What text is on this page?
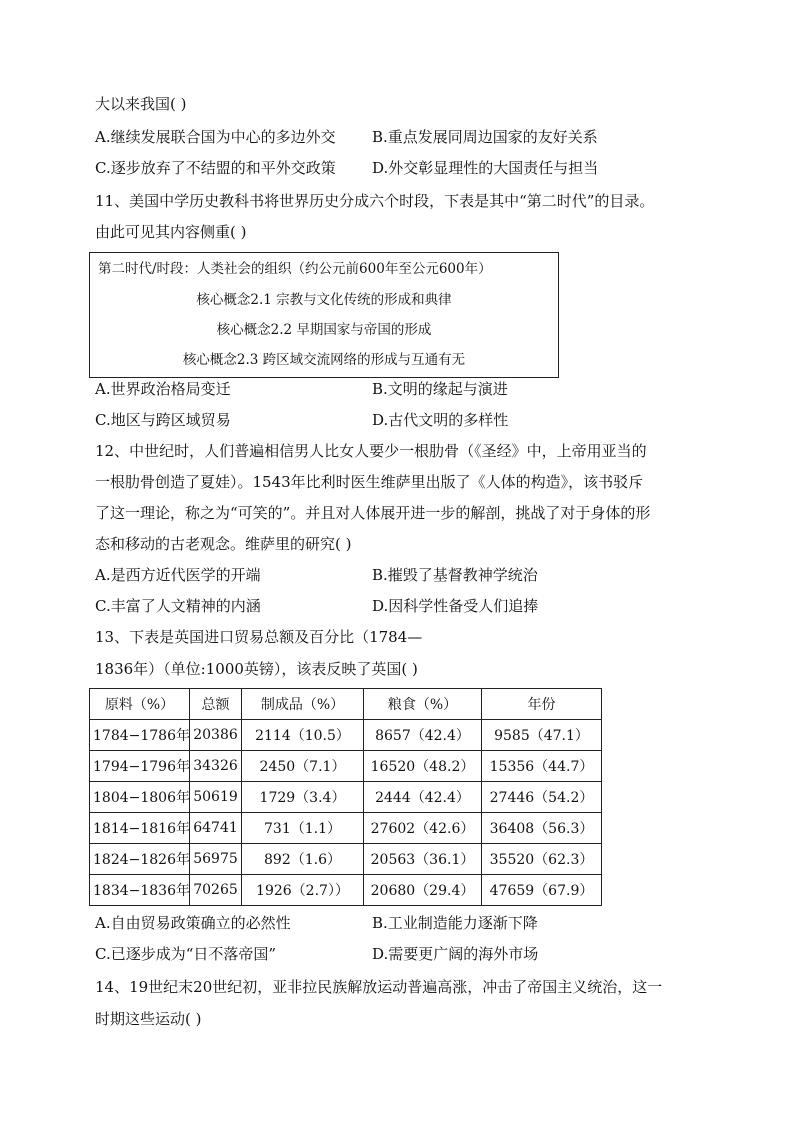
大以来我国( )
A.继续发展联合国为中心的多边外交 B.重点发展同周边国家的友好关系
C.逐步放弃了不结盟的和平外交政策 D.外交彰显理性的大国责任与担当
11、美国中学历史教科书将世界历史分成六个时段，下表是其中“第二时代”的目录。
由此可见其内容侧重( )
第二时代/时段：人类社会的组织（约公元前600年至公元600年）
核心概念2.1 宗教与文化传统的形成和典律
核心概念2.2 早期国家与帝国的形成
核心概念2.3 跨区域交流网络的形成与互通有无
A.世界政治格局变迁	B.文明的缘起与演进
C.地区与跨区域贸易	D.古代文明的多样性
12、中世纪时，人们普遍相信男人比女人要少一根肋骨（《圣经》中，上帝用亚当的
一根肋骨创造了夏娃）。1543年比利时医生维萨里出版了《人体的构造》，该书驳斥
了这一理论，称之为“可笑的”。并且对人体展开进一步的解剖，挑战了对于身体的形
态和移动的古老观念。维萨里的研究( )
A.是西方近代医学的开端	B.摧毁了基督教神学统治
C.丰富了人文精神的内涵	D.因科学性备受人们追捧
13、下表是英国进口贸易总额及百分比（1784—
1836年）（单位:1000英镑），该表反映了英国( )
原料（%）	总额	制成品（%）	粮食（%）	年份
1784−1786年	20386	2114（10.5）	8657（42.4）	9585（47.1）
1794−1796年	34326	2450（7.1）	16520（48.2）	15356（44.7）
1804−1806年	50619	1729（3.4）	2444（42.4）	27446（54.2）
1814−1816年	64741	731（1.1）	27602（42.6）	36408（56.3）
1824−1826年	56975	892（1.6）	20563（36.1）	35520（62.3）
1834−1836年	70265	1926（2.7））	20680（29.4）	47659（67.9）
A.自由贸易政策确立的必然性	B.工业制造能力逐渐下降
C.已逐步成为“日不落帝国”	D.需要更广阔的海外市场
14、19世纪末20世纪初，亚非拉民族解放运动普遍高涨，冲击了帝国主义统治，这一
时期这些运动( )
